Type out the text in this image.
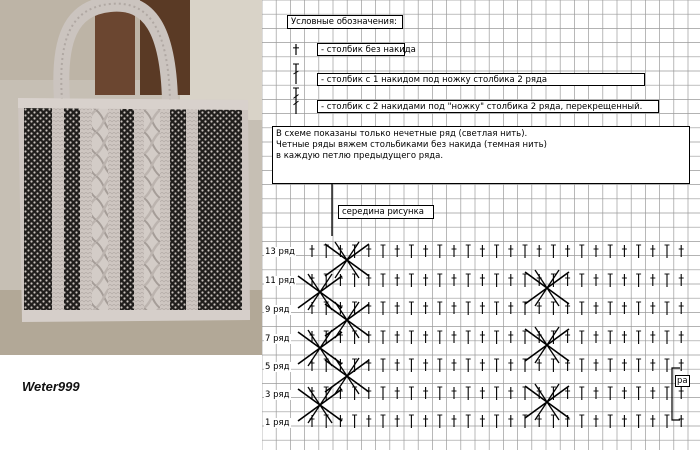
Weter999
Условные обозначения:
- столбик без накида
- столбик с 1 накидом под ножку столбика 2 ряда
- столбик с 2 накидами под "ножку" столбика 2 ряда, перекрещенный.
В схеме показаны только нечетные ряд (светлая нить).
Четные ряды вяжем стольбиками без накида (темная нить)
в каждую петлю предыдущего ряда.
середина рисунка
13 ряд
11 ряд
9 ряд
7 ряд
5 ряд
3 ряд
1 ряд
ра
